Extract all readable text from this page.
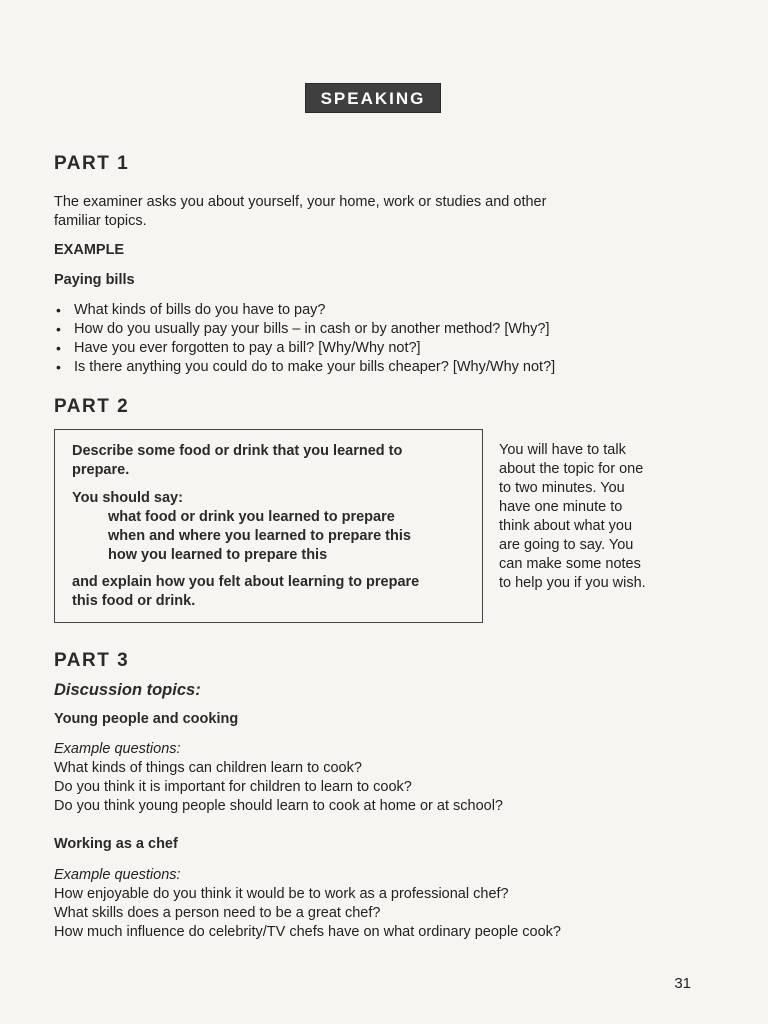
SPEAKING
PART 1
The examiner asks you about yourself, your home, work or studies and other
familiar topics.
EXAMPLE
Paying bills
• What kinds of bills do you have to pay?
• How do you usually pay your bills – in cash or by another method? [Why?]
• Have you ever forgotten to pay a bill? [Why/Why not?]
• Is there anything you could do to make your bills cheaper? [Why/Why not?]
PART 2
Describe some food or drink that you learned to
prepare.
You should say:
what food or drink you learned to prepare
when and where you learned to prepare this
how you learned to prepare this
and explain how you felt about learning to prepare
this food or drink.
You will have to talk
about the topic for one
to two minutes. You
have one minute to
think about what you
are going to say. You
can make some notes
to help you if you wish.
PART 3
Discussion topics:
Young people and cooking
Example questions:
What kinds of things can children learn to cook?
Do you think it is important for children to learn to cook?
Do you think young people should learn to cook at home or at school?
Working as a chef
Example questions:
How enjoyable do you think it would be to work as a professional chef?
What skills does a person need to be a great chef?
How much influence do celebrity/TV chefs have on what ordinary people cook?
31
